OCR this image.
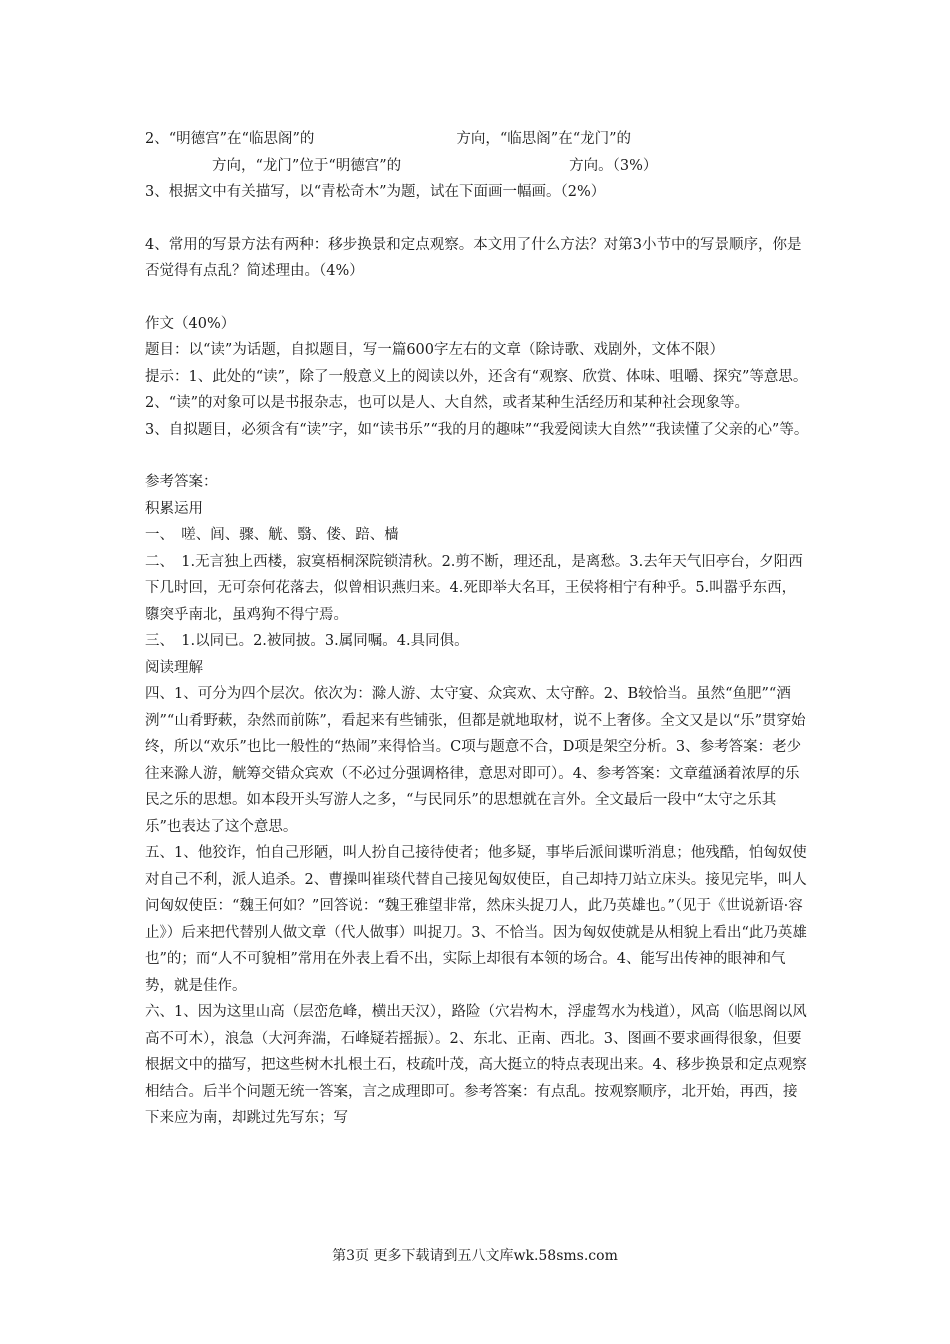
2、“明德宫”在“临思阁”的	方向，“临思阁”在“龙门”的

方向，“龙门”位于“明德宫”的	方向。（3%）

3、根据文中有关描写，以“青松奇木”为题，试在下面画一幅画。（2%）

4、常用的写景方法有两种：移步换景和定点观察。本文用了什么方法？对第3小节中的写景顺序，你是否觉得有点乱？简述理由。（4%）

作文（40%）

题目：以“读”为话题，自拟题目，写一篇600字左右的文章（除诗歌、戏剧外，文体不限）

提示：1、此处的“读”，除了一般意义上的阅读以外，还含有“观察、欣赏、体味、咀嚼、探究”等意思。

2、“读”的对象可以是书报杂志，也可以是人、大自然，或者某种生活经历和某种社会现象等。

3、自拟题目，必须含有“读”字，如“读书乐”“我的月的趣味”“我爱阅读大自然”“我读懂了父亲的心”等。

参考答案：

积累运用

一、　嗟、闾、骤、觥、翳、偻、踣、樯

二、　1.无言独上西楼，寂寞梧桐深院锁清秋。2.剪不断，理还乱，是离愁。3.去年天气旧亭台，夕阳西下几时回，无可奈何花落去，似曾相识燕归来。4.死即举大名耳，王侯将相宁有种乎。5.叫嚣乎东西，隳突乎南北，虽鸡狗不得宁焉。

三、　1.以同已。2.被同披。3.属同嘱。4.具同俱。

阅读理解

四、1、可分为四个层次。依次为：滁人游、太守宴、众宾欢、太守醉。2、B较恰当。虽然“鱼肥”“酒洌”“山肴野蔌，杂然而前陈”，看起来有些铺张，但都是就地取材，说不上奢侈。全文又是以“乐”贯穿始终，所以“欢乐”也比一般性的“热闹”来得恰当。C项与题意不合，D项是架空分析。3、参考答案：老少往来滁人游，觥筹交错众宾欢（不必过分强调格律，意思对即可）。4、参考答案：文章蕴涵着浓厚的乐民之乐的思想。如本段开头写游人之多，“与民同乐”的思想就在言外。全文最后一段中“太守之乐其乐”也表达了这个意思。

五、1、他狡诈，怕自己形陋，叫人扮自己接待使者；他多疑，事毕后派间谍听消息；他残酷，怕匈奴使对自己不利，派人追杀。2、曹操叫崔琰代替自己接见匈奴使臣，自己却持刀站立床头。接见完毕，叫人问匈奴使臣：“魏王何如？”回答说：“魏王雅望非常，然床头捉刀人，此乃英雄也。”（见于《世说新语·容止》）后来把代替别人做文章（代人做事）叫捉刀。3、不恰当。因为匈奴使就是从相貌上看出“此乃英雄也”的；而“人不可貌相”常用在外表上看不出，实际上却很有本领的场合。4、能写出传神的眼神和气势，就是佳作。

六、1、因为这里山高（层峦危峰，横出天汉），路险（穴岩构木，浮虚驾水为栈道），风高（临思阁以风高不可木），浪急（大河奔湍，石峰疑若摇振）。2、东北、正南、西北。3、图画不要求画得很象，但要根据文中的描写，把这些树木扎根土石，枝疏叶茂，高大挺立的特点表现出来。4、移步换景和定点观察相结合。后半个问题无统一答案，言之成理即可。参考答案：有点乱。按观察顺序，北开始，再西，接下来应为南，却跳过先写东；写

第3页 更多下载请到五八文库wk.58sms.com
